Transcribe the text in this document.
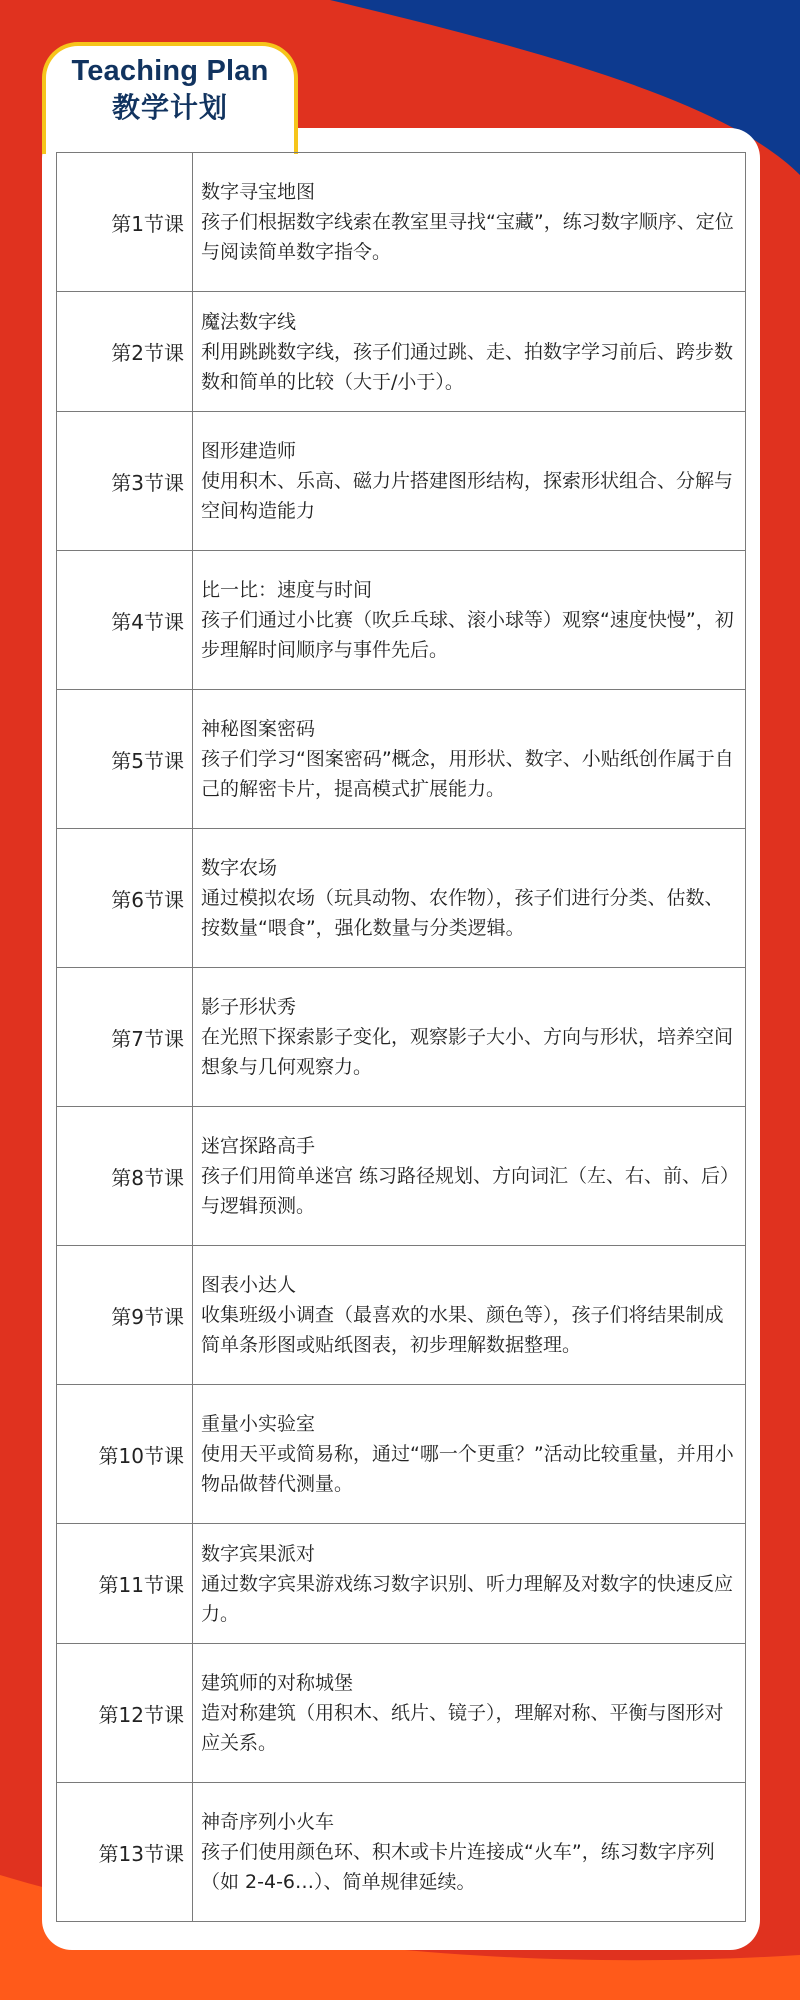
Teaching Plan
教学计划
第1节课	数字寻宝地图
孩子们根据数字线索在教室里寻找“宝藏”，练习数字顺序、定位与阅读简单数字指令。

第2节课	魔法数字线
利用跳跳数字线，孩子们通过跳、走、拍数字学习前后、跨步数数和简单的比较（大于/小于）。

第3节课	图形建造师
使用积木、乐高、磁力片搭建图形结构，探索形状组合、分解与空间构造能力

第4节课	比一比：速度与时间
孩子们通过小比赛（吹乒乓球、滚小球等）观察“速度快慢”，初步理解时间顺序与事件先后。

第5节课	神秘图案密码
孩子们学习“图案密码”概念，用形状、数字、小贴纸创作属于自己的解密卡片，提高模式扩展能力。

第6节课	数字农场
通过模拟农场（玩具动物、农作物），孩子们进行分类、估数、按数量“喂食”，强化数量与分类逻辑。

第7节课	影子形状秀
在光照下探索影子变化，观察影子大小、方向与形状，培养空间想象与几何观察力。

第8节课	迷宫探路高手
孩子们用简单迷宫 练习路径规划、方向词汇（左、右、前、后）与逻辑预测。

第9节课	图表小达人
收集班级小调查（最喜欢的水果、颜色等），孩子们将结果制成简单条形图或贴纸图表，初步理解数据整理。

第10节课	重量小实验室
使用天平或简易称，通过“哪一个更重？”活动比较重量，并用小物品做替代测量。

第11节课	数字宾果派对
通过数字宾果游戏练习数字识别、听力理解及对数字的快速反应力。

第12节课	建筑师的对称城堡
造对称建筑（用积木、纸片、镜子），理解对称、平衡与图形对应关系。

第13节课	神奇序列小火车
孩子们使用颜色环、积木或卡片连接成“火车”，练习数字序列（如 2-4-6…）、简单规律延续。
